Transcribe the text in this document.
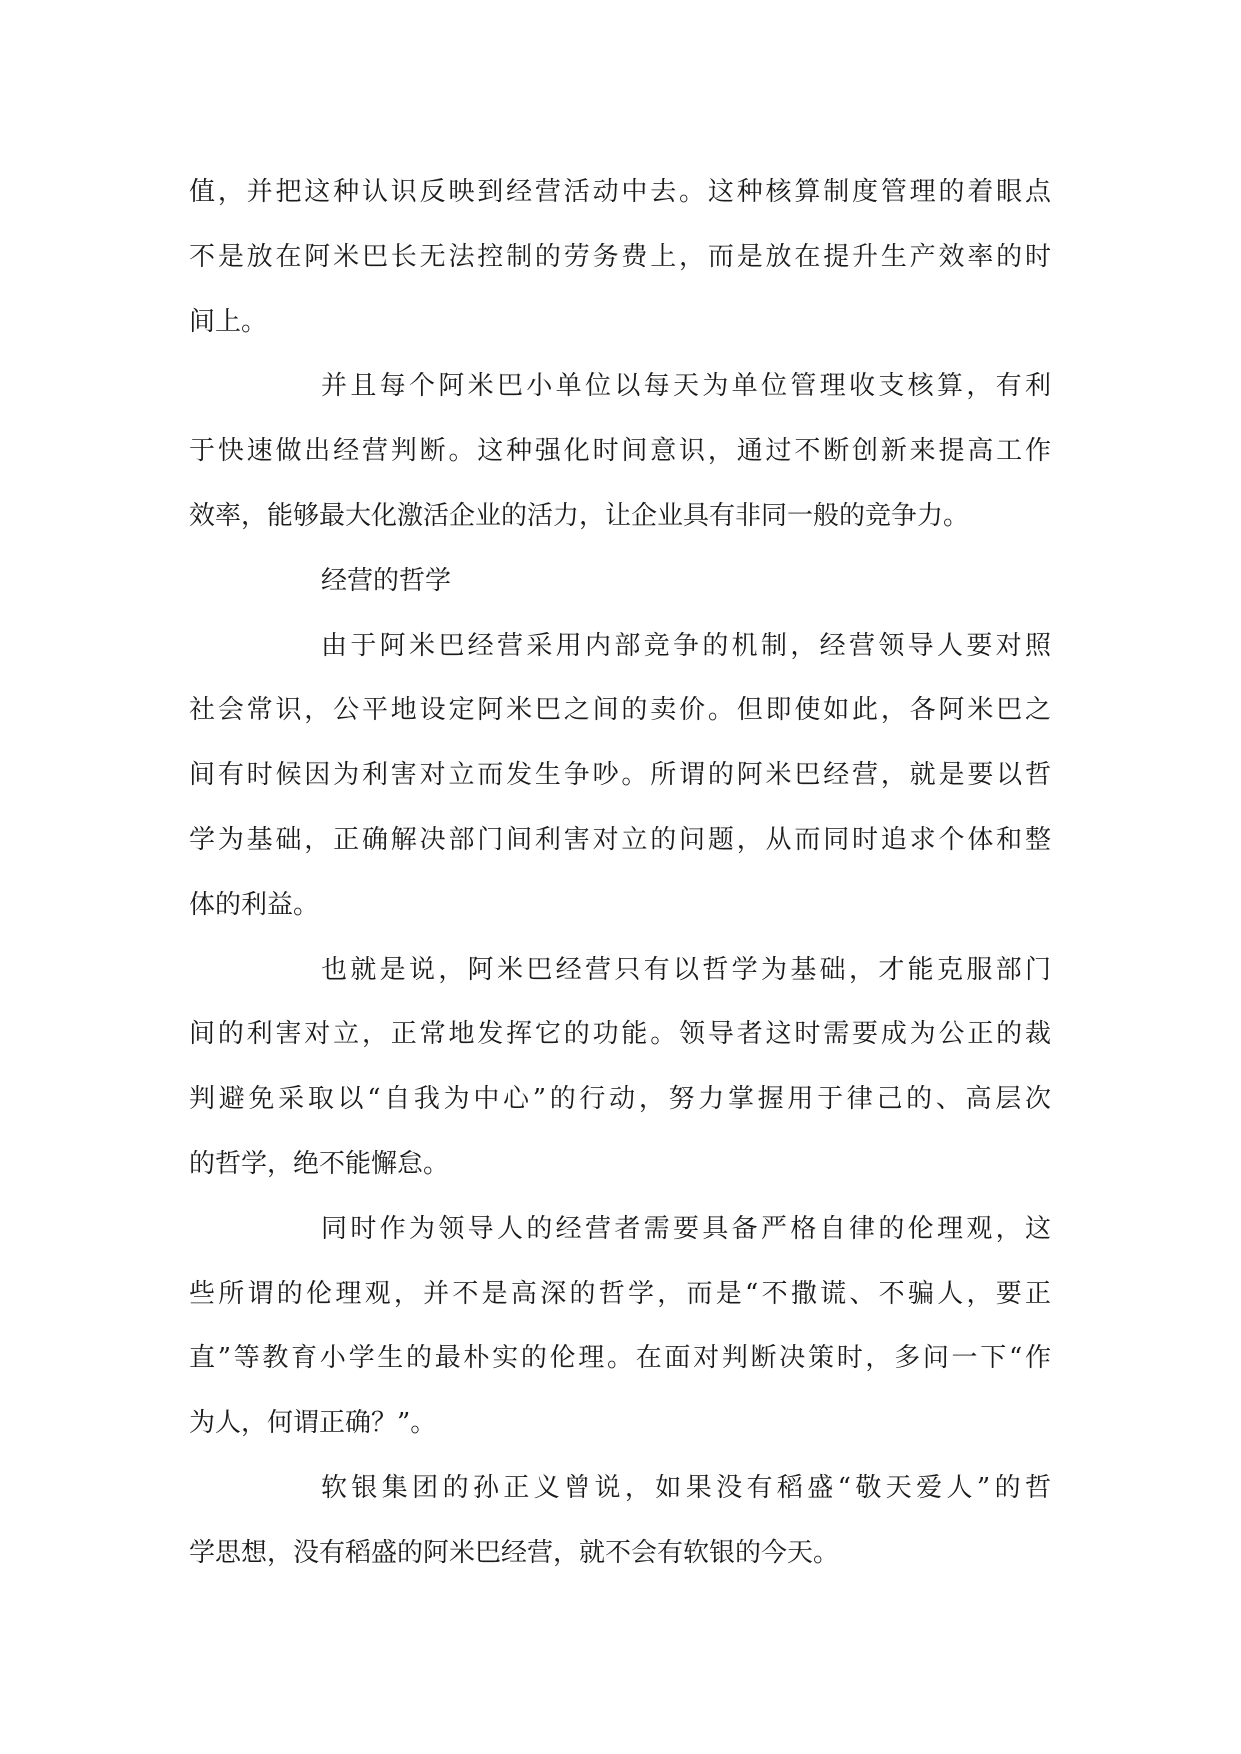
值，并把这种认识反映到经营活动中去。这种核算制度管理的着眼点
不是放在阿米巴长无法控制的劳务费上，而是放在提升生产效率的时
间上。
并且每个阿米巴小单位以每天为单位管理收支核算，有利
于快速做出经营判断。这种强化时间意识，通过不断创新来提高工作
效率，能够最大化激活企业的活力，让企业具有非同一般的竞争力。
经营的哲学
由于阿米巴经营采用内部竞争的机制，经营领导人要对照
社会常识，公平地设定阿米巴之间的卖价。但即使如此，各阿米巴之
间有时候因为利害对立而发生争吵。所谓的阿米巴经营，就是要以哲
学为基础，正确解决部门间利害对立的问题，从而同时追求个体和整
体的利益。
也就是说，阿米巴经营只有以哲学为基础，才能克服部门
间的利害对立，正常地发挥它的功能。领导者这时需要成为公正的裁
判避免采取以“自我为中心”的行动，努力掌握用于律己的、高层次
的哲学，绝不能懈怠。
同时作为领导人的经营者需要具备严格自律的伦理观，这
些所谓的伦理观，并不是高深的哲学，而是“不撒谎、不骗人，要正
直”等教育小学生的最朴实的伦理。在面对判断决策时，多问一下“作
为人，何谓正确？”。
软银集团的孙正义曾说，如果没有稻盛“敬天爱人”的哲
学思想，没有稻盛的阿米巴经营，就不会有软银的今天。
